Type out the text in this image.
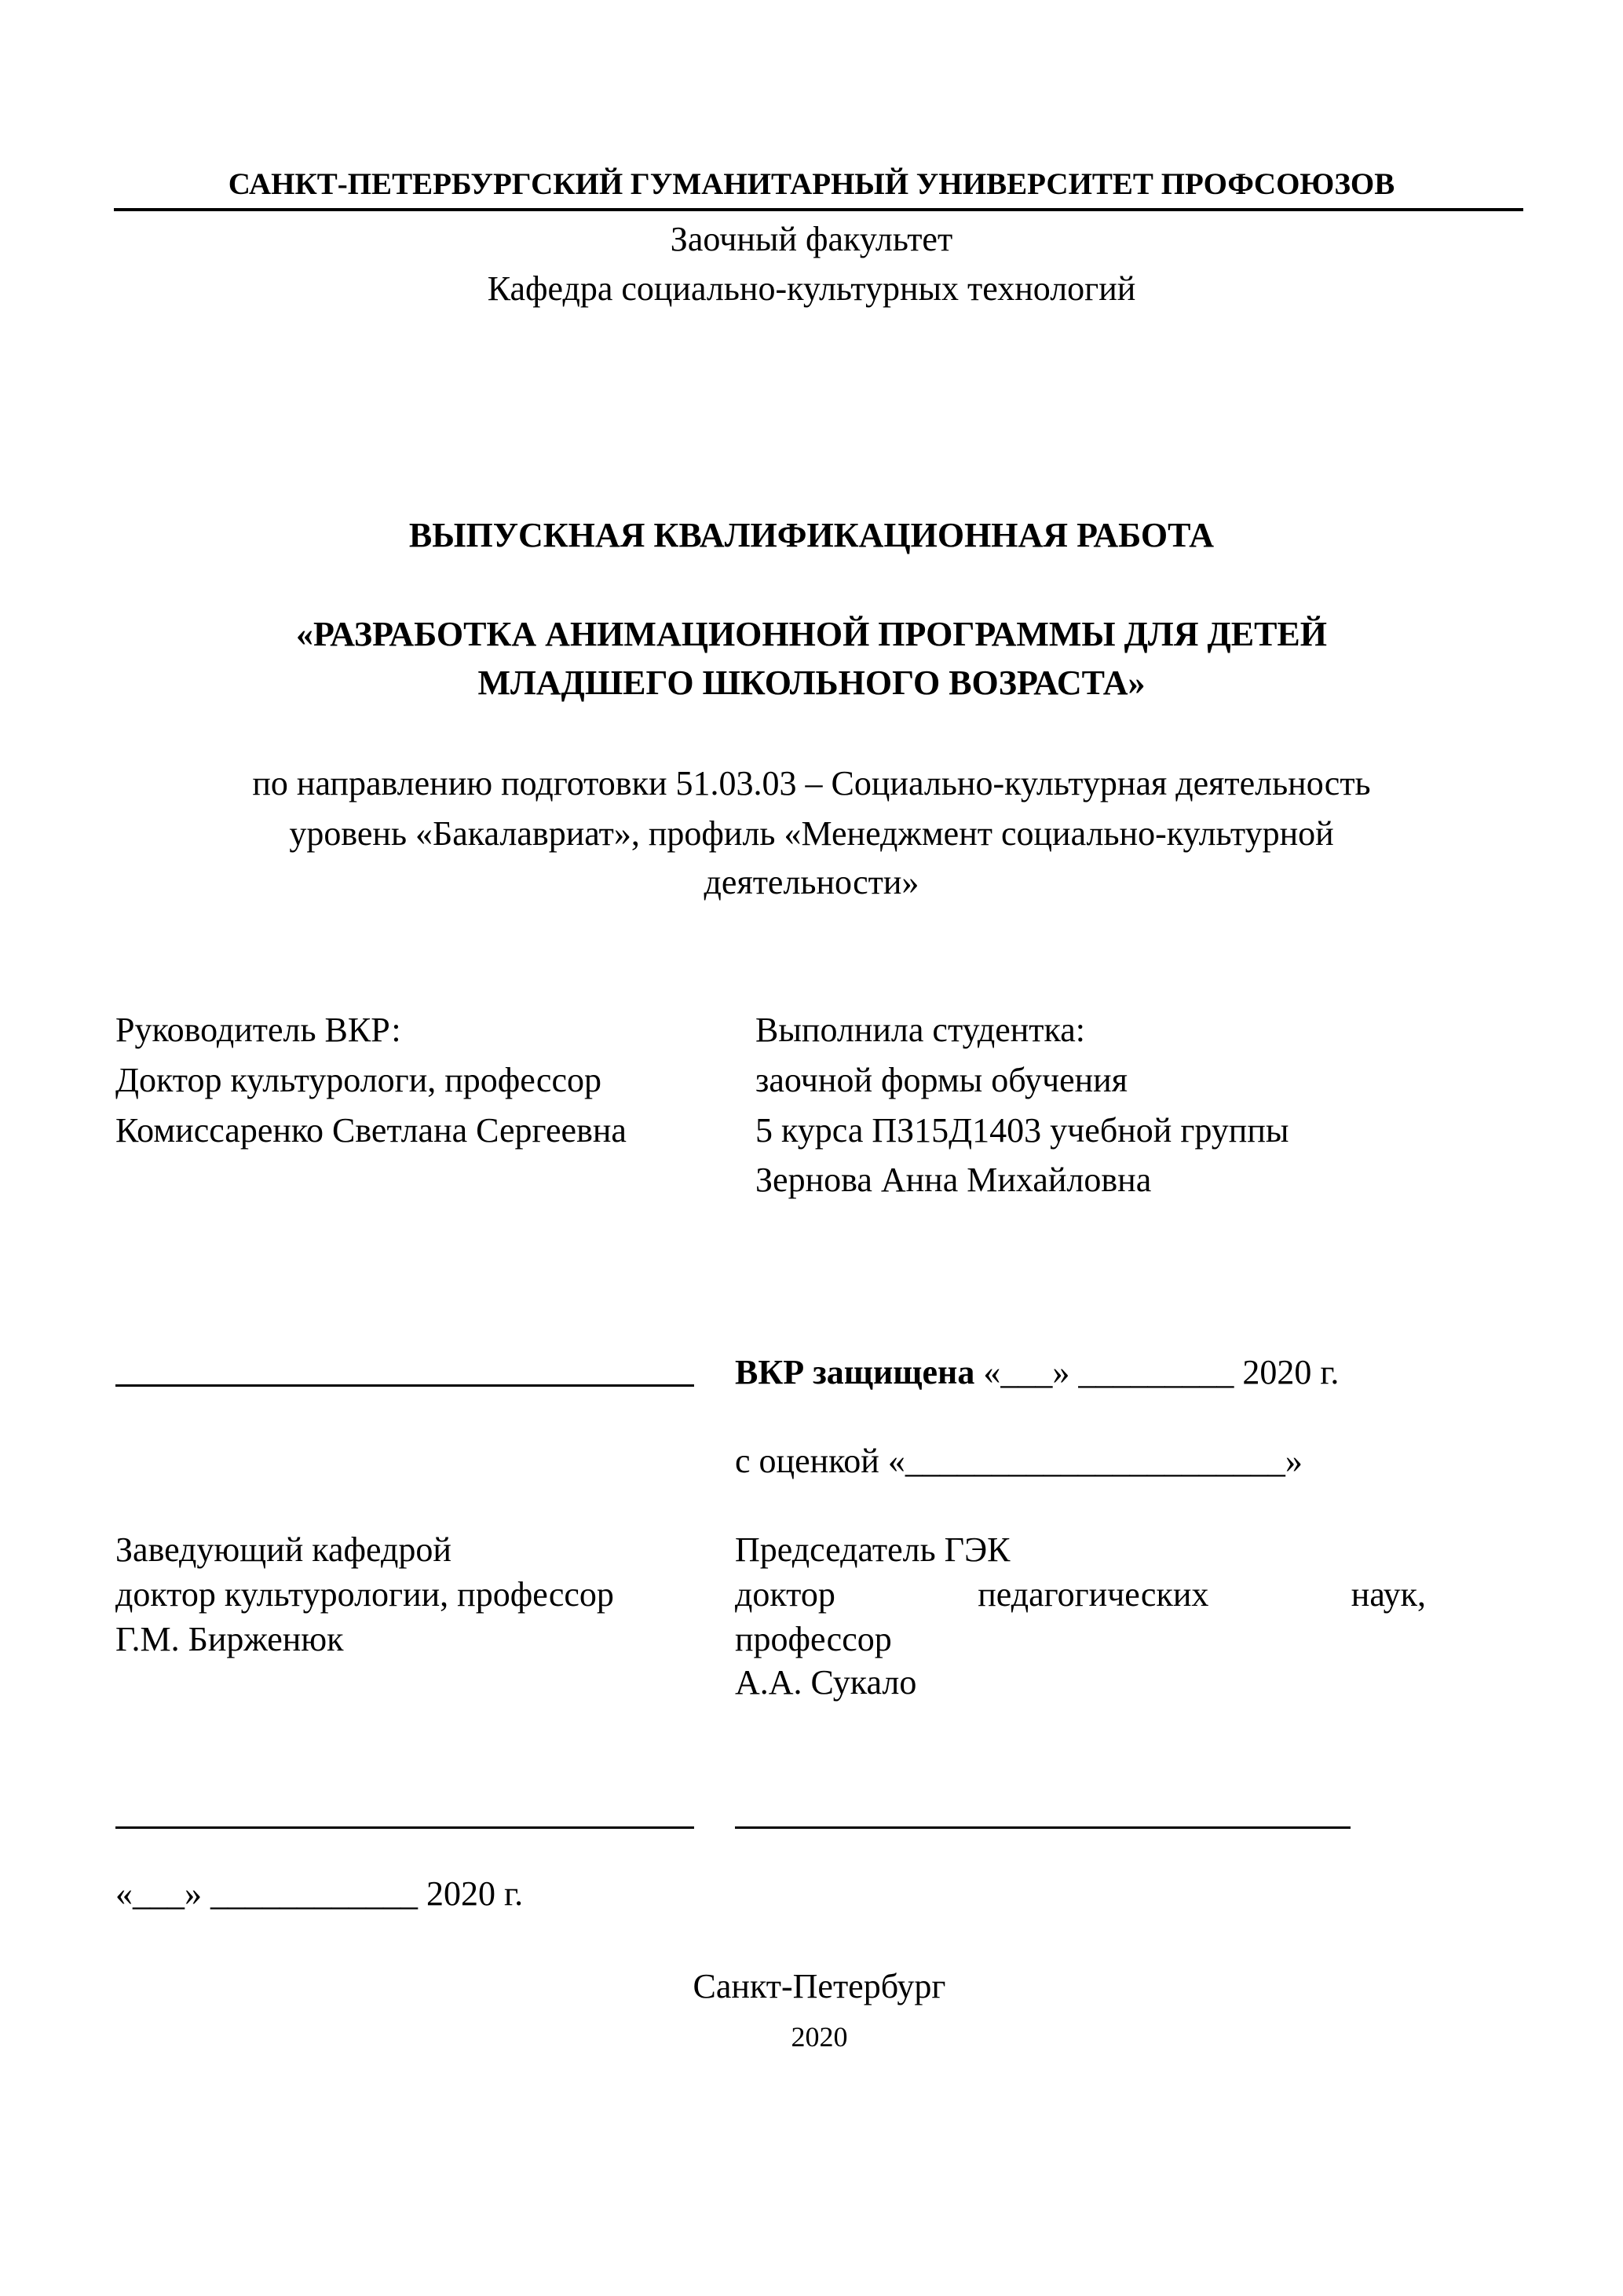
САНКТ-ПЕТЕРБУРГСКИЙ ГУМАНИТАРНЫЙ УНИВЕРСИТЕТ ПРОФСОЮЗОВ
Заочный факультет
Кафедра социально-культурных технологий
ВЫПУСКНАЯ КВАЛИФИКАЦИОННАЯ РАБОТА
«РАЗРАБОТКА АНИМАЦИОННОЙ ПРОГРАММЫ ДЛЯ ДЕТЕЙ
МЛАДШЕГО ШКОЛЬНОГО ВОЗРАСТА»
по направлению подготовки 51.03.03 – Социально-культурная деятельность
уровень «Бакалавриат», профиль «Менеджмент социально-культурной
деятельности»
Руководитель ВКР:
Доктор культурологи, профессор
Комиссаренко Светлана Сергеевна
Выполнила студентка:
заочной формы обучения
5 курса ПЗ15Д1403 учебной группы
Зернова Анна Михайловна
ВКР защищена «___» _________ 2020 г.
с оценкой «______________________»
Заведующий кафедрой
доктор культурологии, профессор
Г.М. Бирженюк
Председатель ГЭК
доктор	педагогических	наук,
профессор
А.А. Сукало
«___» ____________ 2020 г.
Санкт-Петербург
2020
